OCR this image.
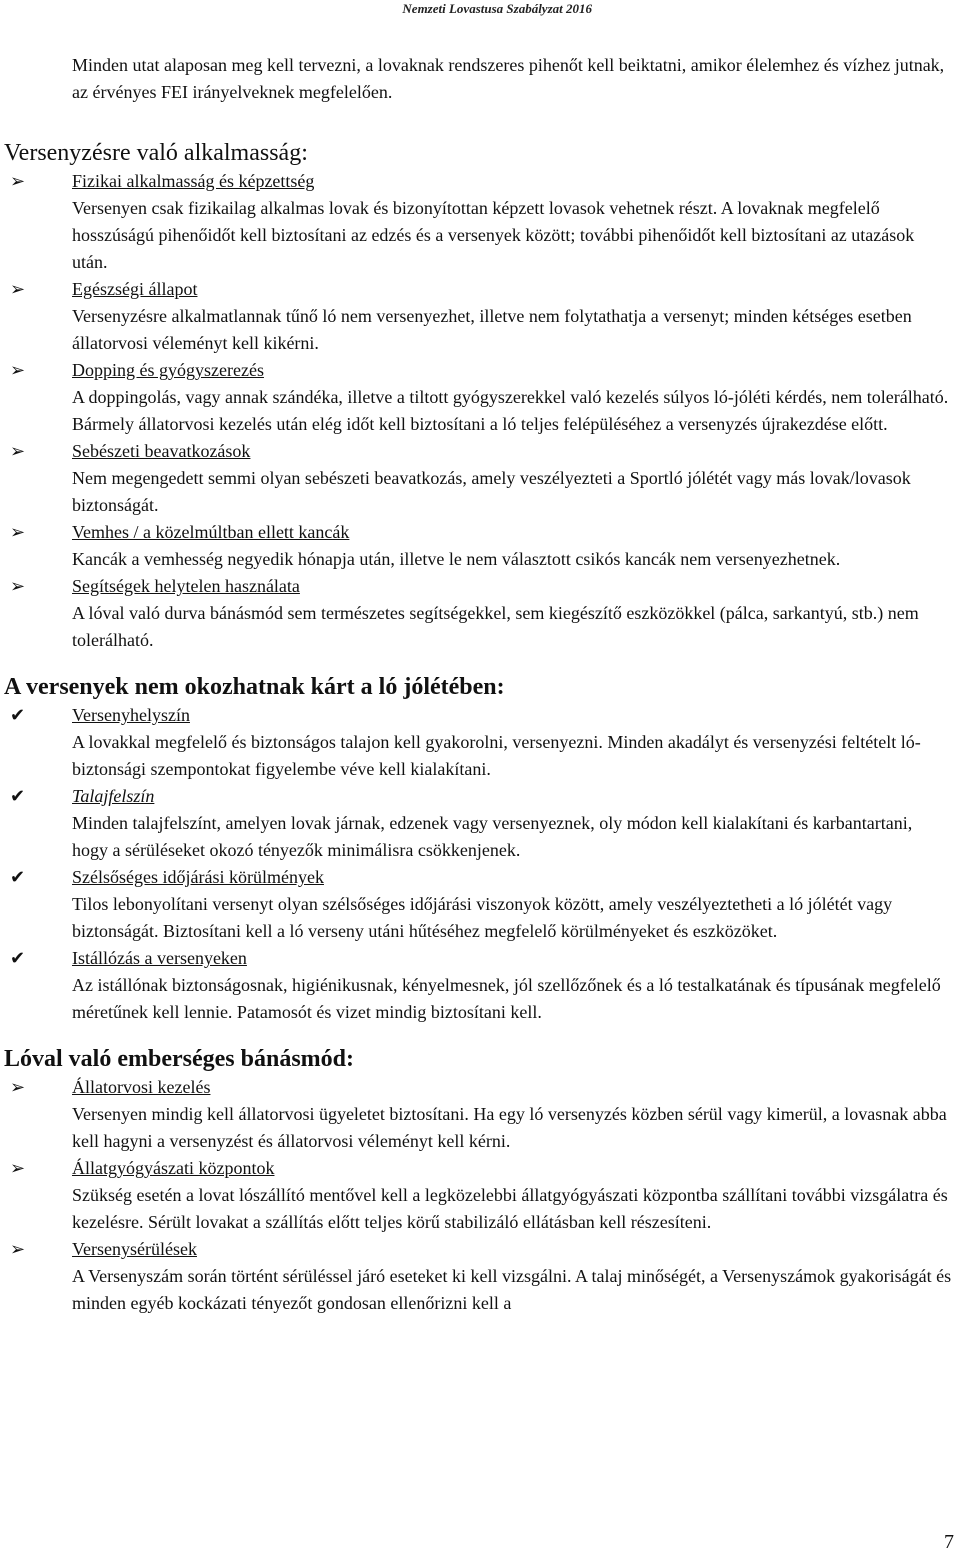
Nemzeti Lovastusa Szabályzat 2016

Minden utat alaposan meg kell tervezni, a lovaknak rendszeres pihenőt kell beiktatni, amikor élelemhez és vízhez jutnak, az érvényes FEI irányelveknek megfelelően.

Versenyzésre való alkalmasság:
➢	Fizikai alkalmasság és képzettség
Versenyen csak fizikailag alkalmas lovak és bizonyítottan képzett lovasok vehetnek részt. A lovaknak megfelelő hosszúságú pihenőidőt kell biztosítani az edzés és a versenyek között; további pihenőidőt kell biztosítani az utazások után.
➢	Egészségi állapot
Versenyzésre alkalmatlannak tűnő ló nem versenyezhet, illetve nem folytathatja a versenyt; minden kétséges esetben állatorvosi véleményt kell kikérni.
➢	Dopping és gyógyszerezés
A doppingolás, vagy annak szándéka, illetve a tiltott gyógyszerekkel való kezelés súlyos ló-jóléti kérdés, nem tolerálható. Bármely állatorvosi kezelés után elég időt kell biztosítani a ló teljes felépüléséhez a versenyzés újrakezdése előtt.
➢	Sebészeti beavatkozások
Nem megengedett semmi olyan sebészeti beavatkozás, amely veszélyezteti a Sportló jólétét vagy más lovak/lovasok biztonságát.
➢	Vemhes / a közelmúltban ellett kancák
Kancák a vemhesség negyedik hónapja után, illetve le nem választott csikós kancák nem versenyezhetnek.
➢	Segítségek helytelen használata
A lóval való durva bánásmód sem természetes segítségekkel, sem kiegészítő eszközökkel (pálca, sarkantyú, stb.) nem tolerálható.
A versenyek nem okozhatnak kárt a ló jólétében:
✔	Versenyhelyszín
A lovakkal megfelelő és biztonságos talajon kell gyakorolni, versenyezni. Minden akadályt és versenyzési feltételt ló-biztonsági szempontokat figyelembe véve kell kialakítani.
✔	Talajfelszín
Minden talajfelszínt, amelyen lovak járnak, edzenek vagy versenyeznek, oly módon kell kialakítani és karbantartani, hogy a sérüléseket okozó tényezők minimálisra csökkenjenek.
✔	Szélsőséges időjárási körülmények
Tilos lebonyolítani versenyt olyan szélsőséges időjárási viszonyok között, amely veszélyeztetheti a ló jólétét vagy biztonságát. Biztosítani kell a ló verseny utáni hűtéséhez megfelelő körülményeket és eszközöket.
✔	Istállózás a versenyeken
Az istállónak biztonságosnak, higiénikusnak, kényelmesnek, jól szellőzőnek és a ló testalkatának és típusának megfelelő méretűnek kell lennie. Patamosót és vizet mindig biztosítani kell.
Lóval való emberséges bánásmód:
➢	Állatorvosi kezelés
Versenyen mindig kell állatorvosi ügyeletet biztosítani. Ha egy ló versenyzés közben sérül vagy kimerül, a lovasnak abba kell hagyni a versenyzést és állatorvosi véleményt kell kérni.
➢	Állatgyógyászati központok
Szükség esetén a lovat lószállító mentővel kell a legközelebbi állatgyógyászati központba szállítani további vizsgálatra és kezelésre. Sérült lovakat a szállítás előtt teljes körű stabilizáló ellátásban kell részesíteni.
➢	Versenysérülések
A Versenyszám során történt sérüléssel járó eseteket ki kell vizsgálni. A talaj minőségét, a Versenyszámok gyakoriságát és minden egyéb kockázati tényezőt gondosan ellenőrizni kell a
7
